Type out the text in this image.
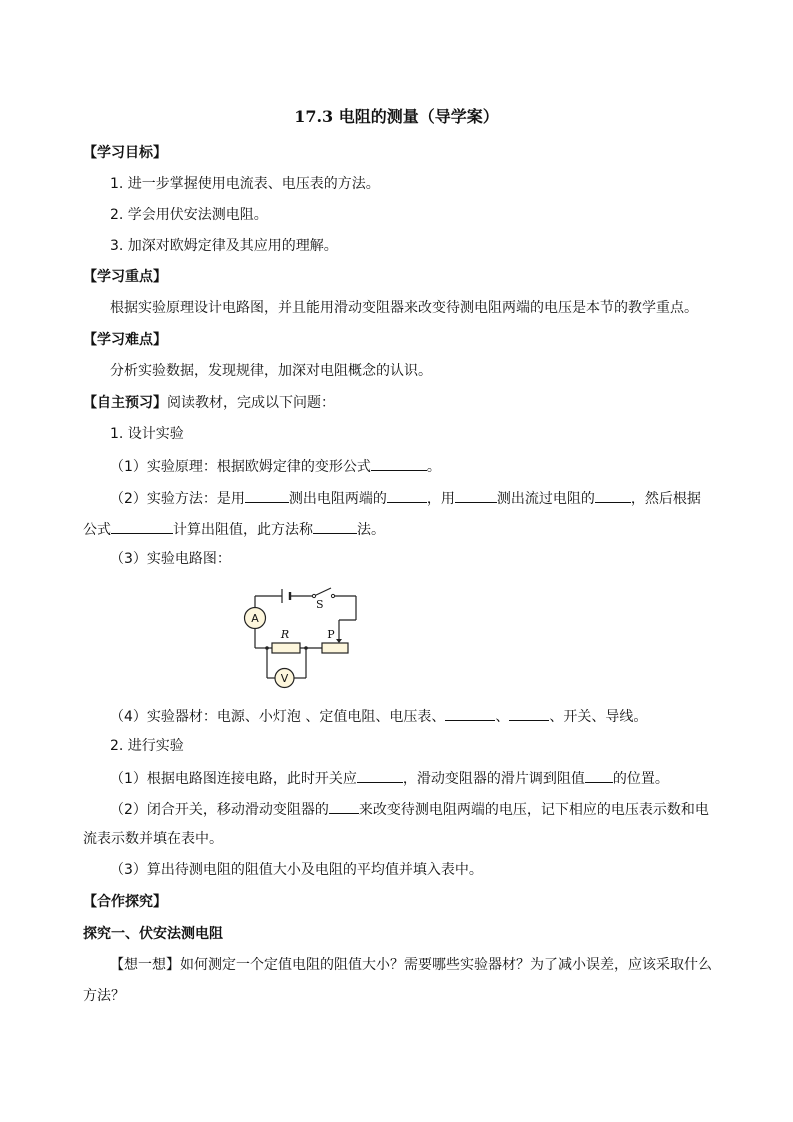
17.3 电阻的测量（导学案）
【学习目标】
1. 进一步掌握使用电流表、电压表的方法。
2. 学会用伏安法测电阻。
3. 加深对欧姆定律及其应用的理解。
【学习重点】
根据实验原理设计电路图，并且能用滑动变阻器来改变待测电阻两端的电压是本节的教学重点。
【学习难点】
分析实验数据，发现规律，加深对电阻概念的认识。
【自主预习】阅读教材，完成以下问题：
1. 设计实验
（1）实验原理：根据欧姆定律的变形公式	。
（2）实验方法：是用	测出电阻两端的	，用	测出流过电阻的	，然后根据
公式	计算出阻值，此方法称	法。
（3）实验电路图：
S
A
R	P
V
（4）实验器材：电源、小灯泡 、定值电阻、电压表、	、	、开关、导线。
2. 进行实验
（1）根据电路图连接电路，此时开关应	，滑动变阻器的滑片调到阻值 的位置。
（2）闭合开关，移动滑动变阻器的 来改变待测电阻两端的电压，记下相应的电压表示数和电
流表示数并填在表中。
（3）算出待测电阻的阻值大小及电阻的平均值并填入表中。
【合作探究】
探究一、伏安法测电阻
【想一想】如何测定一个定值电阻的阻值大小？需要哪些实验器材？为了减小误差，应该采取什么
方法？
